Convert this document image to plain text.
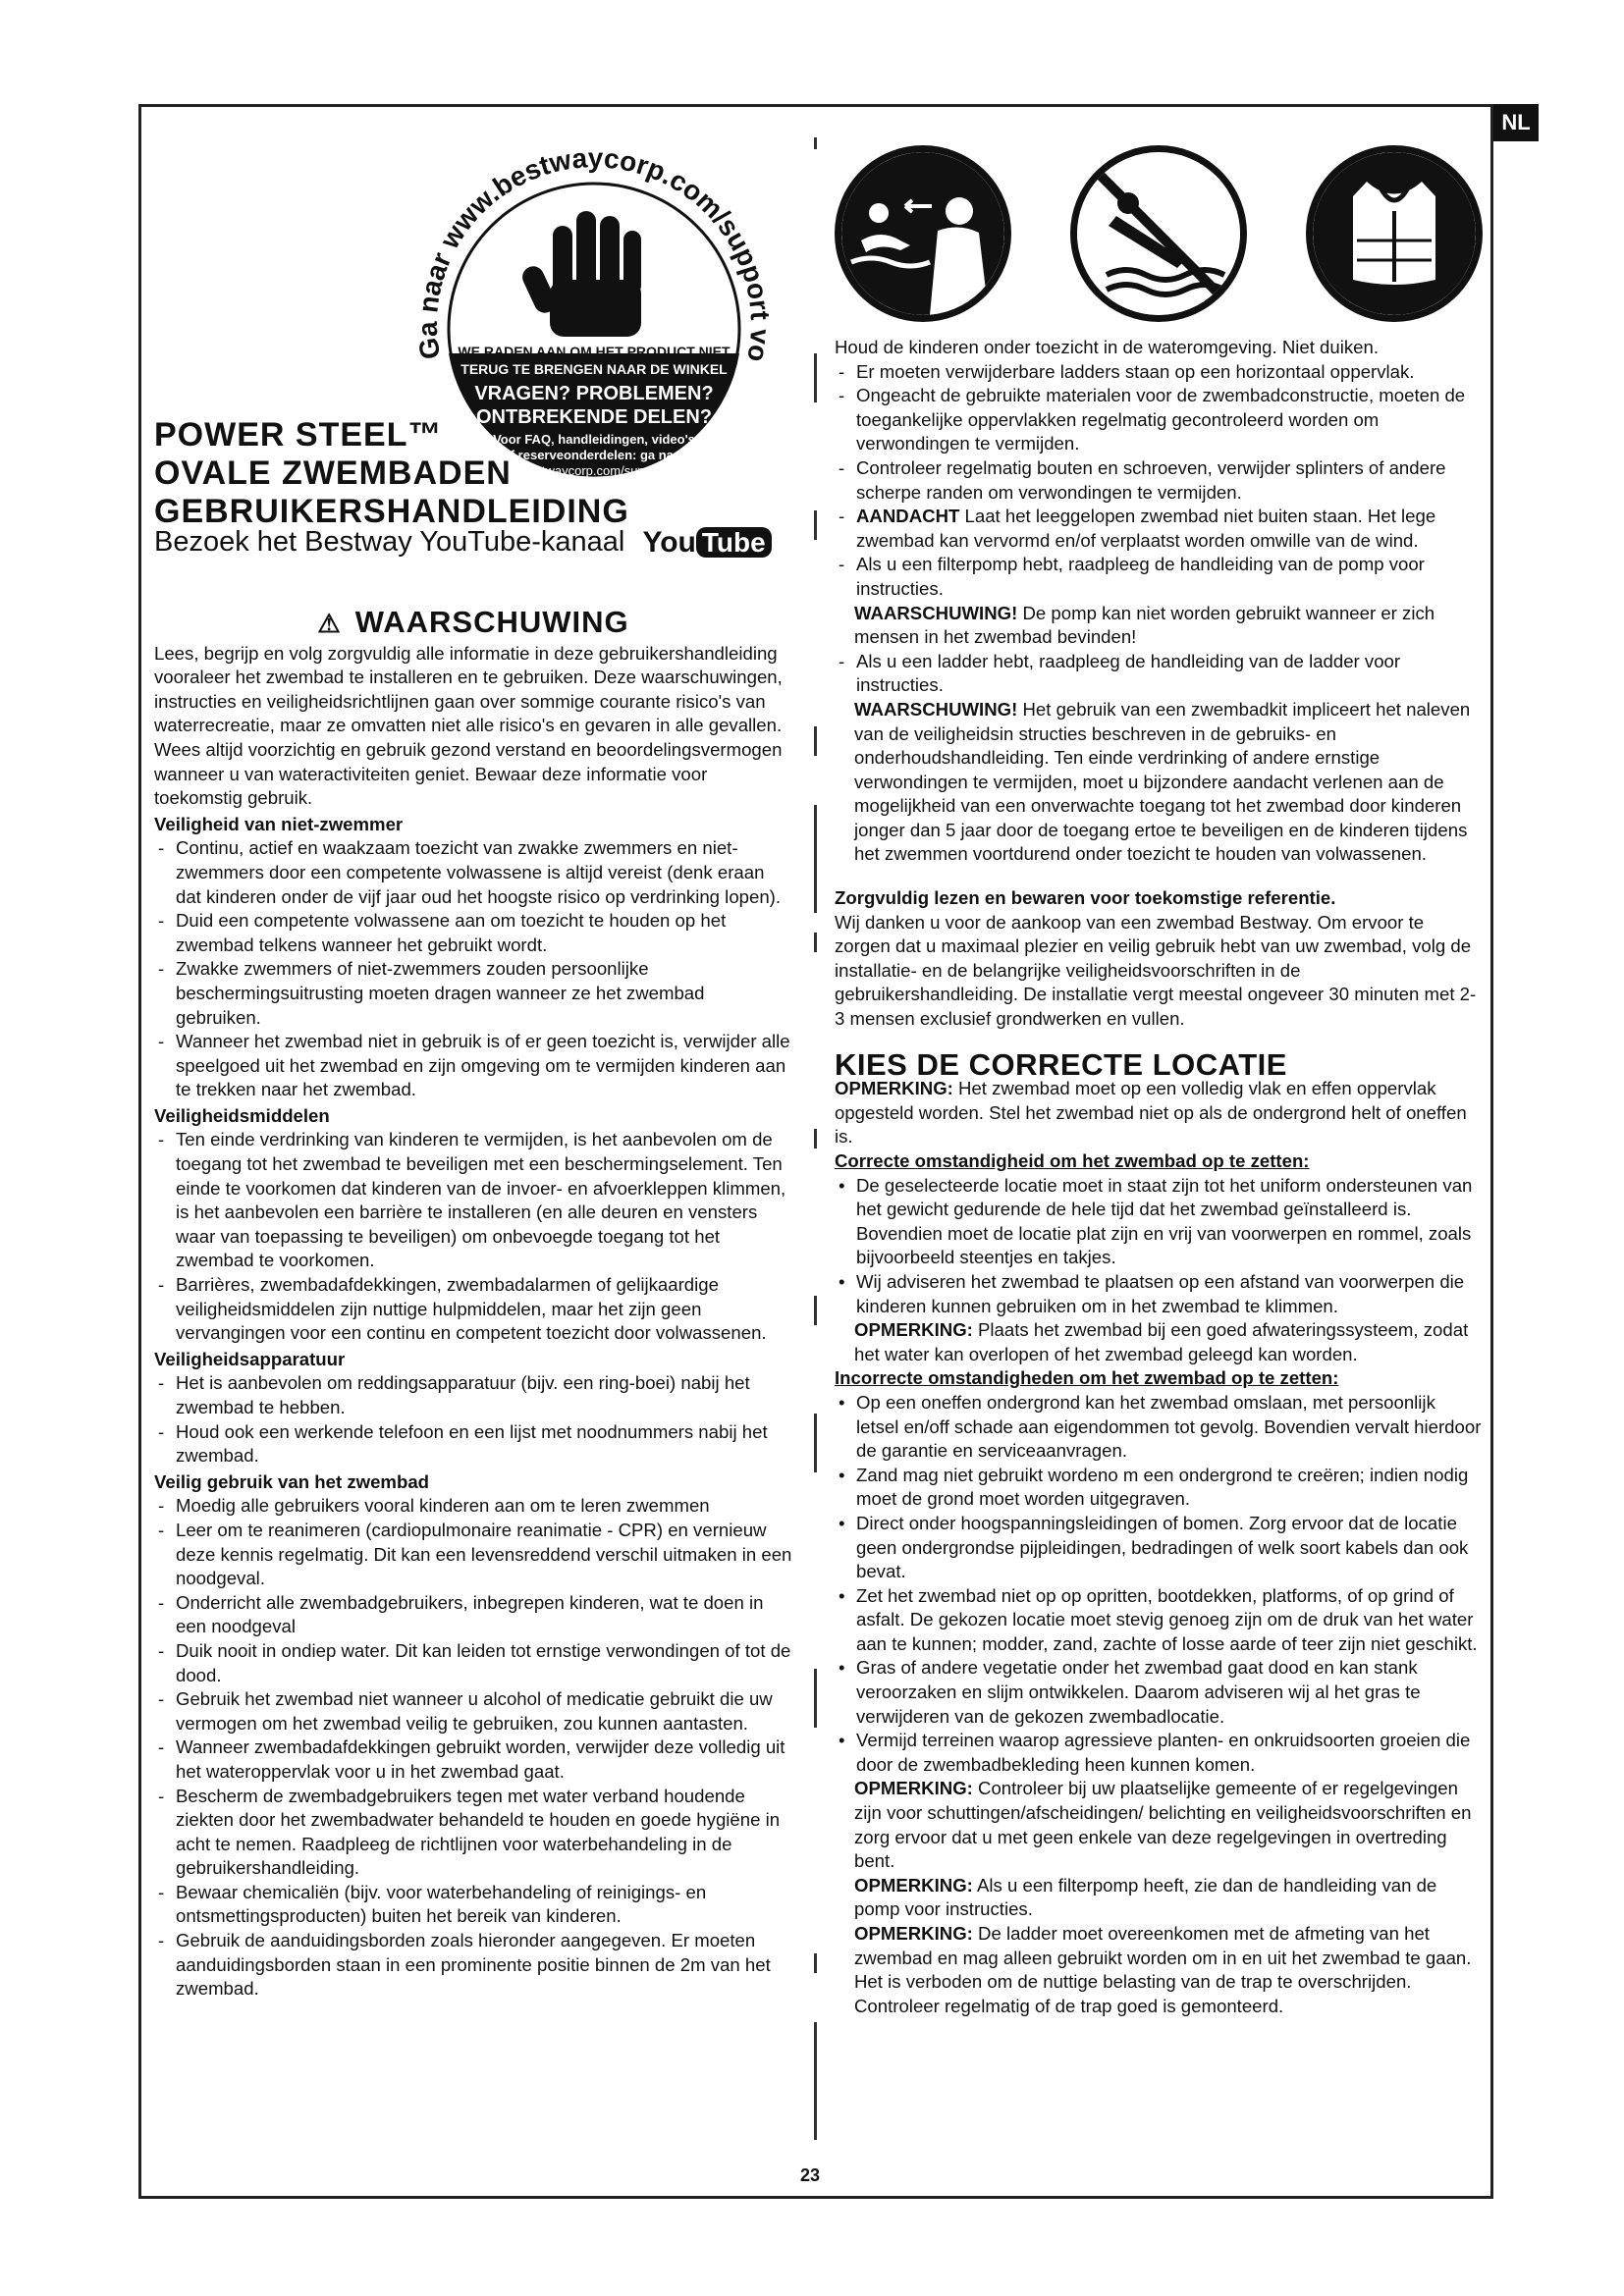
NL
Ga naar www.bestwaycorp.com/support vo
WE RADEN AAN OM HET PRODUCT NIET
TERUG TE BRENGEN NAAR DE WINKEL
VRAGEN? PROBLEMEN?
ONTBREKENDE DELEN?
Voor FAQ, handleidingen, video's
of reserveonderdelen: ga naar
bestwaycorp.com/support
POWER STEEL™
OVALE ZWEMBADEN
GEBRUIKERSHANDLEIDING
Bezoek het Bestway YouTube-kanaal You Tube
⚠ WAARSCHUWING

Lees, begrijp en volg zorgvuldig alle informatie in deze gebruikershandleiding vooraleer het zwembad te installeren en te gebruiken. Deze waarschuwingen, instructies en veiligheidsrichtlijnen gaan over sommige courante risico's van waterrecreatie, maar ze omvatten niet alle risico's en gevaren in alle gevallen. Wees altijd voorzichtig en gebruik gezond verstand en beoordelingsvermogen wanneer u van wateractiviteiten geniet. Bewaar deze informatie voor toekomstig gebruik.

Veiligheid van niet-zwemmer
- Continu, actief en waakzaam toezicht van zwakke zwemmers en niet-zwemmers door een competente volwassene is altijd vereist (denk eraan dat kinderen onder de vijf jaar oud het hoogste risico op verdrinking lopen).
- Duid een competente volwassene aan om toezicht te houden op het zwembad telkens wanneer het gebruikt wordt.
- Zwakke zwemmers of niet-zwemmers zouden persoonlijke beschermingsuitrusting moeten dragen wanneer ze het zwembad gebruiken.
- Wanneer het zwembad niet in gebruik is of er geen toezicht is, verwijder alle speelgoed uit het zwembad en zijn omgeving om te vermijden kinderen aan te trekken naar het zwembad.
Veiligheidsmiddelen
- Ten einde verdrinking van kinderen te vermijden, is het aanbevolen om de toegang tot het zwembad te beveiligen met een beschermingselement. Ten einde te voorkomen dat kinderen van de invoer- en afvoerkleppen klimmen, is het aanbevolen een barrière te installeren (en alle deuren en vensters waar van toepassing te beveiligen) om onbevoegde toegang tot het zwembad te voorkomen.
- Barrières, zwembadafdekkingen, zwembadalarmen of gelijkaardige veiligheidsmiddelen zijn nuttige hulpmiddelen, maar het zijn geen vervangingen voor een continu en competent toezicht door volwassenen.
Veiligheidsapparatuur
- Het is aanbevolen om reddingsapparatuur (bijv. een ring-boei) nabij het zwembad te hebben.
- Houd ook een werkende telefoon en een lijst met noodnummers nabij het zwembad.
Veilig gebruik van het zwembad
- Moedig alle gebruikers vooral kinderen aan om te leren zwemmen
- Leer om te reanimeren (cardiopulmonaire reanimatie - CPR) en vernieuw deze kennis regelmatig. Dit kan een levensreddend verschil uitmaken in een noodgeval.
- Onderricht alle zwembadgebruikers, inbegrepen kinderen, wat te doen in een noodgeval
- Duik nooit in ondiep water. Dit kan leiden tot ernstige verwondingen of tot de dood.
- Gebruik het zwembad niet wanneer u alcohol of medicatie gebruikt die uw vermogen om het zwembad veilig te gebruiken, zou kunnen aantasten.
- Wanneer zwembadafdekkingen gebruikt worden, verwijder deze volledig uit het wateroppervlak voor u in het zwembad gaat.
- Bescherm de zwembadgebruikers tegen met water verband houdende ziekten door het zwembadwater behandeld te houden en goede hygiëne in acht te nemen. Raadpleeg de richtlijnen voor waterbehandeling in de gebruikershandleiding.
- Bewaar chemicaliën (bijv. voor waterbehandeling of reinigings- en ontsmettingsproducten) buiten het bereik van kinderen.
- Gebruik de aanduidingsborden zoals hieronder aangegeven. Er moeten aanduidingsborden staan in een prominente positie binnen de 2m van het zwembad.

Houd de kinderen onder toezicht in de wateromgeving. Niet duiken.

- Er moeten verwijderbare ladders staan op een horizontaal oppervlak.
- Ongeacht de gebruikte materialen voor de zwembadconstructie, moeten de toegankelijke oppervlakken regelmatig gecontroleerd worden om verwondingen te vermijden.
- Controleer regelmatig bouten en schroeven, verwijder splinters of andere scherpe randen om verwondingen te vermijden.
- AANDACHT Laat het leeggelopen zwembad niet buiten staan. Het lege zwembad kan vervormd en/of verplaatst worden omwille van de wind.
- Als u een filterpomp hebt, raadpleeg de handleiding van de pomp voor instructies.

WAARSCHUWING! De pomp kan niet worden gebruikt wanneer er zich mensen in het zwembad bevinden!

- Als u een ladder hebt, raadpleeg de handleiding van de ladder voor instructies.

WAARSCHUWING! Het gebruik van een zwembadkit impliceert het naleven van de veiligheidsin structies beschreven in de gebruiks- en onderhoudshandleiding. Ten einde verdrinking of andere ernstige verwondingen te vermijden, moet u bijzondere aandacht verlenen aan de mogelijkheid van een onverwachte toegang tot het zwembad door kinderen jonger dan 5 jaar door de toegang ertoe te beveiligen en de kinderen tijdens het zwemmen voortdurend onder toezicht te houden van volwassenen.

Zorgvuldig lezen en bewaren voor toekomstige referentie.

Wij danken u voor de aankoop van een zwembad Bestway. Om ervoor te zorgen dat u maximaal plezier en veilig gebruik hebt van uw zwembad, volg de installatie- en de belangrijke veiligheidsvoorschriften in de gebruikershandleiding. De installatie vergt meestal ongeveer 30 minuten met 2-3 mensen exclusief grondwerken en vullen.

KIES DE CORRECTE LOCATIE

OPMERKING: Het zwembad moet op een volledig vlak en effen oppervlak opgesteld worden. Stel het zwembad niet op als de ondergrond helt of oneffen is.

Correcte omstandigheid om het zwembad op te zetten:

• De geselecteerde locatie moet in staat zijn tot het uniform ondersteunen van het gewicht gedurende de hele tijd dat het zwembad geïnstalleerd is. Bovendien moet de locatie plat zijn en vrij van voorwerpen en rommel, zoals bijvoorbeeld steentjes en takjes.
• Wij adviseren het zwembad te plaatsen op een afstand van voorwerpen die kinderen kunnen gebruiken om in het zwembad te klimmen.

OPMERKING: Plaats het zwembad bij een goed afwateringssysteem, zodat het water kan overlopen of het zwembad geleegd kan worden.

Incorrecte omstandigheden om het zwembad op te zetten:

• Op een oneffen ondergrond kan het zwembad omslaan, met persoonlijk letsel en/off schade aan eigendommen tot gevolg. Bovendien vervalt hierdoor de garantie en serviceaanvragen.
• Zand mag niet gebruikt wordeno m een ondergrond te creëren; indien nodig moet de grond moet worden uitgegraven.
• Direct onder hoogspanningsleidingen of bomen. Zorg ervoor dat de locatie geen ondergrondse pijpleidingen, bedradingen of welk soort kabels dan ook bevat.
• Zet het zwembad niet op op opritten, bootdekken, platforms, of op grind of asfalt. De gekozen locatie moet stevig genoeg zijn om de druk van het water aan te kunnen; modder, zand, zachte of losse aarde of teer zijn niet geschikt.
• Gras of andere vegetatie onder het zwembad gaat dood en kan stank veroorzaken en slijm ontwikkelen. Daarom adviseren wij al het gras te verwijderen van de gekozen zwembadlocatie.
• Vermijd terreinen waarop agressieve planten- en onkruidsoorten groeien die door de zwembadbekleding heen kunnen komen.

OPMERKING: Controleer bij uw plaatselijke gemeente of er regelgevingen zijn voor schuttingen/afscheidingen/ belichting en veiligheidsvoorschriften en zorg ervoor dat u met geen enkele van deze regelgevingen in overtreding bent.

OPMERKING: Als u een filterpomp heeft, zie dan de handleiding van de pomp voor instructies.

OPMERKING: De ladder moet overeenkomen met de afmeting van het zwembad en mag alleen gebruikt worden om in en uit het zwembad te gaan. Het is verboden om de nuttige belasting van de trap te overschrijden. Controleer regelmatig of de trap goed is gemonteerd.

23
